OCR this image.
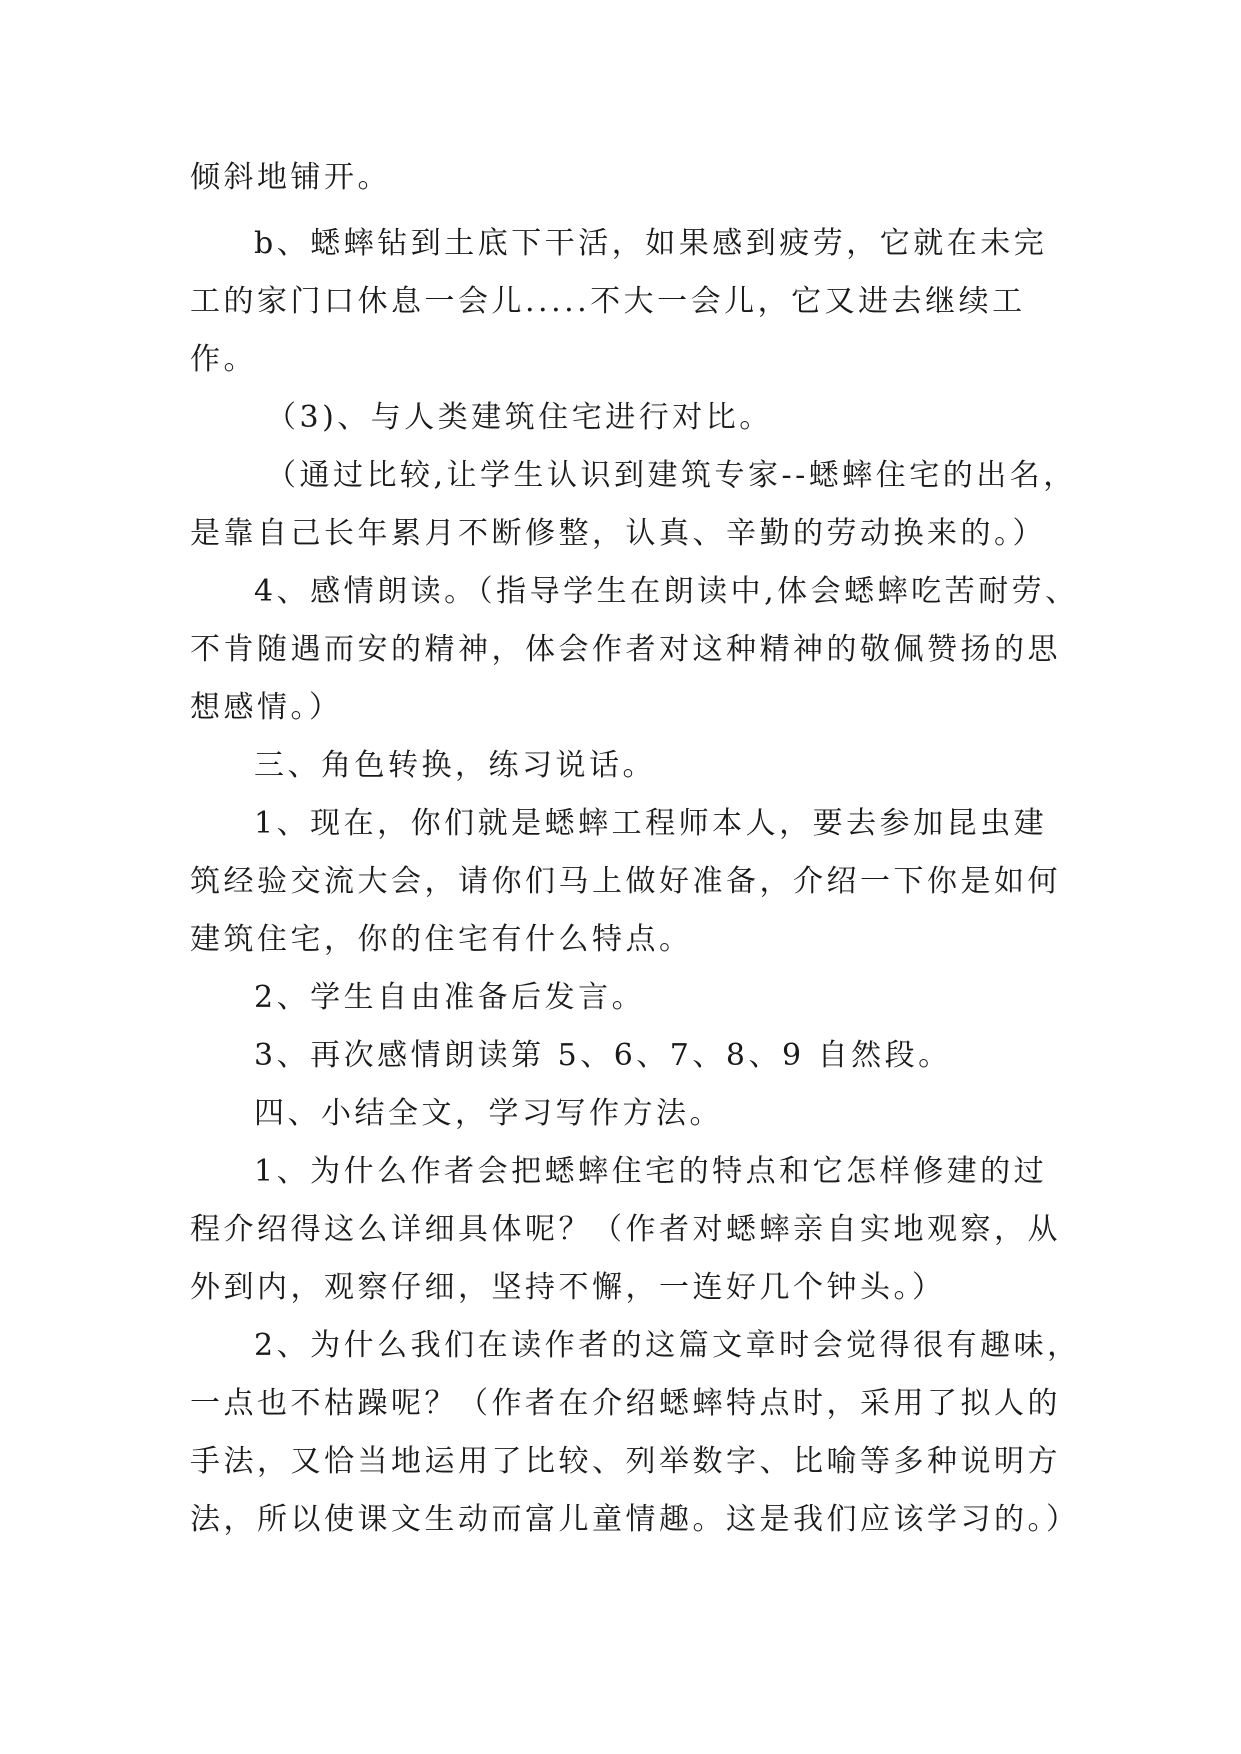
倾斜地铺开。
b、蟋蟀钻到土底下干活，如果感到疲劳，它就在未完
工的家门口休息一会儿.....不大一会儿，它又进去继续工
作。
（3)、与人类建筑住宅进行对比。
（通过比较,让学生认识到建筑专家--蟋蟀住宅的出名，
是靠自己长年累月不断修整，认真、辛勤的劳动换来的。）
4、感情朗读。（指导学生在朗读中,体会蟋蟀吃苦耐劳、
不肯随遇而安的精神，体会作者对这种精神的敬佩赞扬的思
想感情。）
三、角色转换，练习说话。
1、现在，你们就是蟋蟀工程师本人，要去参加昆虫建
筑经验交流大会，请你们马上做好准备，介绍一下你是如何
建筑住宅，你的住宅有什么特点。
2、学生自由准备后发言。
3、再次感情朗读第 5、6、7、8、9 自然段。
四、小结全文，学习写作方法。
1、为什么作者会把蟋蟀住宅的特点和它怎样修建的过
程介绍得这么详细具体呢？（作者对蟋蟀亲自实地观察，从
外到内，观察仔细，坚持不懈，一连好几个钟头。）
2、为什么我们在读作者的这篇文章时会觉得很有趣味，
一点也不枯躁呢？（作者在介绍蟋蟀特点时，采用了拟人的
手法，又恰当地运用了比较、列举数字、比喻等多种说明方
法，所以使课文生动而富儿童情趣。这是我们应该学习的。）
